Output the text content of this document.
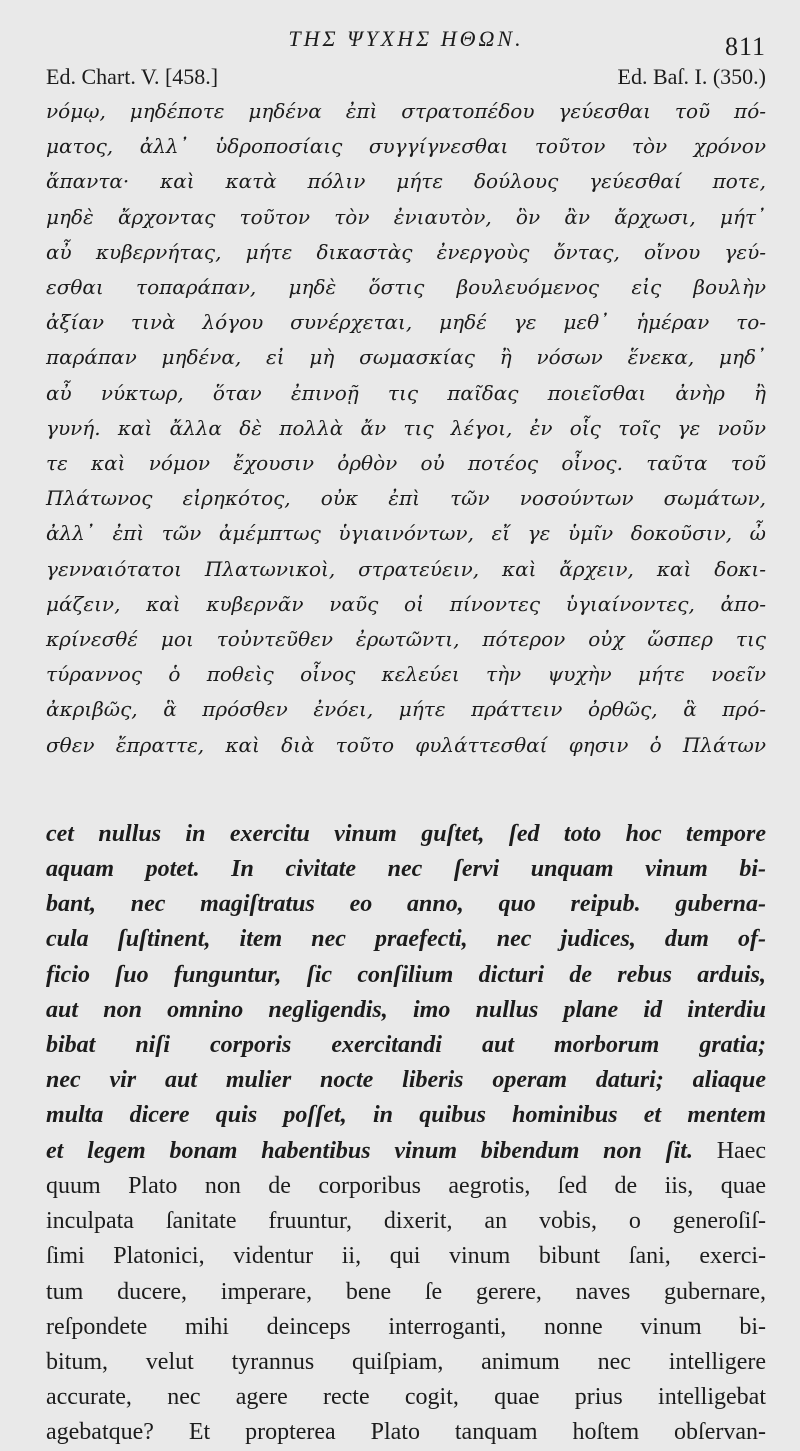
ΤΗΣ ΨΥΧΗΣ ΗΘΩΝ.	811
Ed. Chart. V. [458.]	Ed. Baſ. I. (350.)
νόμῳ, μηδέποτε μηδένα ἐπὶ στρατοπέδου γεύεσθαι τοῦ πό-
ματος, ἀλλ᾽ ὑδροποσίαις συγγίγνεσθαι τοῦτον τὸν χρόνον
ἅπαντα· καὶ κατὰ πόλιν μήτε δούλους γεύεσθαί ποτε,
μηδὲ ἄρχοντας τοῦτον τὸν ἐνιαυτὸν, ὃν ἂν ἄρχωσι, μήτ᾽
αὖ κυβερνήτας, μήτε δικαστὰς ἐνεργοὺς ὄντας, οἴνου γεύ-
εσθαι τοπαράπαν, μηδὲ ὅστις βουλευόμενος εἰς βουλὴν
ἀξίαν τινὰ λόγου συνέρχεται, μηδέ γε μεθ᾽ ἡμέραν το-
παράπαν μηδένα, εἰ μὴ σωμασκίας ἢ νόσων ἕνεκα, μηδ᾽
αὖ νύκτωρ, ὅταν ἐπινοῇ τις παῖδας ποιεῖσθαι ἀνὴρ ἢ
γυνή. καὶ ἄλλα δὲ πολλὰ ἄν τις λέγοι, ἐν οἷς τοῖς γε νοῦν
τε καὶ νόμον ἔχουσιν ὀρθὸν οὐ ποτέος οἶνος. ταῦτα τοῦ
Πλάτωνος εἰρηκότος, οὐκ ἐπὶ τῶν νοσούντων σωμάτων,
ἀλλ᾽ ἐπὶ τῶν ἀμέμπτως ὑγιαινόντων, εἴ γε ὑμῖν δοκοῦσιν, ὦ
γενναιότατοι Πλατωνικοὶ, στρατεύειν, καὶ ἄρχειν, καὶ δοκι-
μάζειν, καὶ κυβερνᾶν ναῦς οἱ πίνοντες ὑγιαίνοντες, ἀπο-
κρίνεσθέ μοι τοὐντεῦθεν ἐρωτῶντι, πότερον οὐχ ὥσπερ τις
τύραννος ὁ ποθεὶς οἶνος κελεύει τὴν ψυχὴν μήτε νοεῖν
ἀκριβῶς, ἃ πρόσθεν ἐνόει, μήτε πράττειν ὀρθῶς, ἃ πρό-
σθεν ἔπραττε, καὶ διὰ τοῦτο φυλάττεσθαί φησιν ὁ Πλάτων
cet nullus in exercitu vinum guſtet, ſed toto hoc tempore
aquam potet. In civitate nec ſervi unquam vinum bi-
bant, nec magiſtratus eo anno, quo reipub. guberna-
cula ſuſtinent, item nec praefecti, nec judices, dum of-
ficio ſuo funguntur, ſic conſilium dicturi de rebus arduis,
aut non omnino negligendis, imo nullus plane id interdiu
bibat niſi corporis exercitandi aut morborum gratia;
nec vir aut mulier nocte liberis operam daturi; aliaque
multa dicere quis poſſet, in quibus hominibus et mentem
et legem bonam habentibus vinum bibendum non ſit. Haec
quum Plato non de corporibus aegrotis, ſed de iis, quae
inculpata ſanitate fruuntur, dixerit, an vobis, o generoſiſ-
ſimi Platonici, videntur ii, qui vinum bibunt ſani, exerci-
tum ducere, imperare, bene ſe gerere, naves gubernare,
reſpondete mihi deinceps interroganti, nonne vinum bi-
bitum, velut tyrannus quiſpiam, animum nec intelligere
accurate, nec agere recte cogit, quae prius intelligebat
agebatque? Et propterea Plato tanquam hoſtem obſervan-
